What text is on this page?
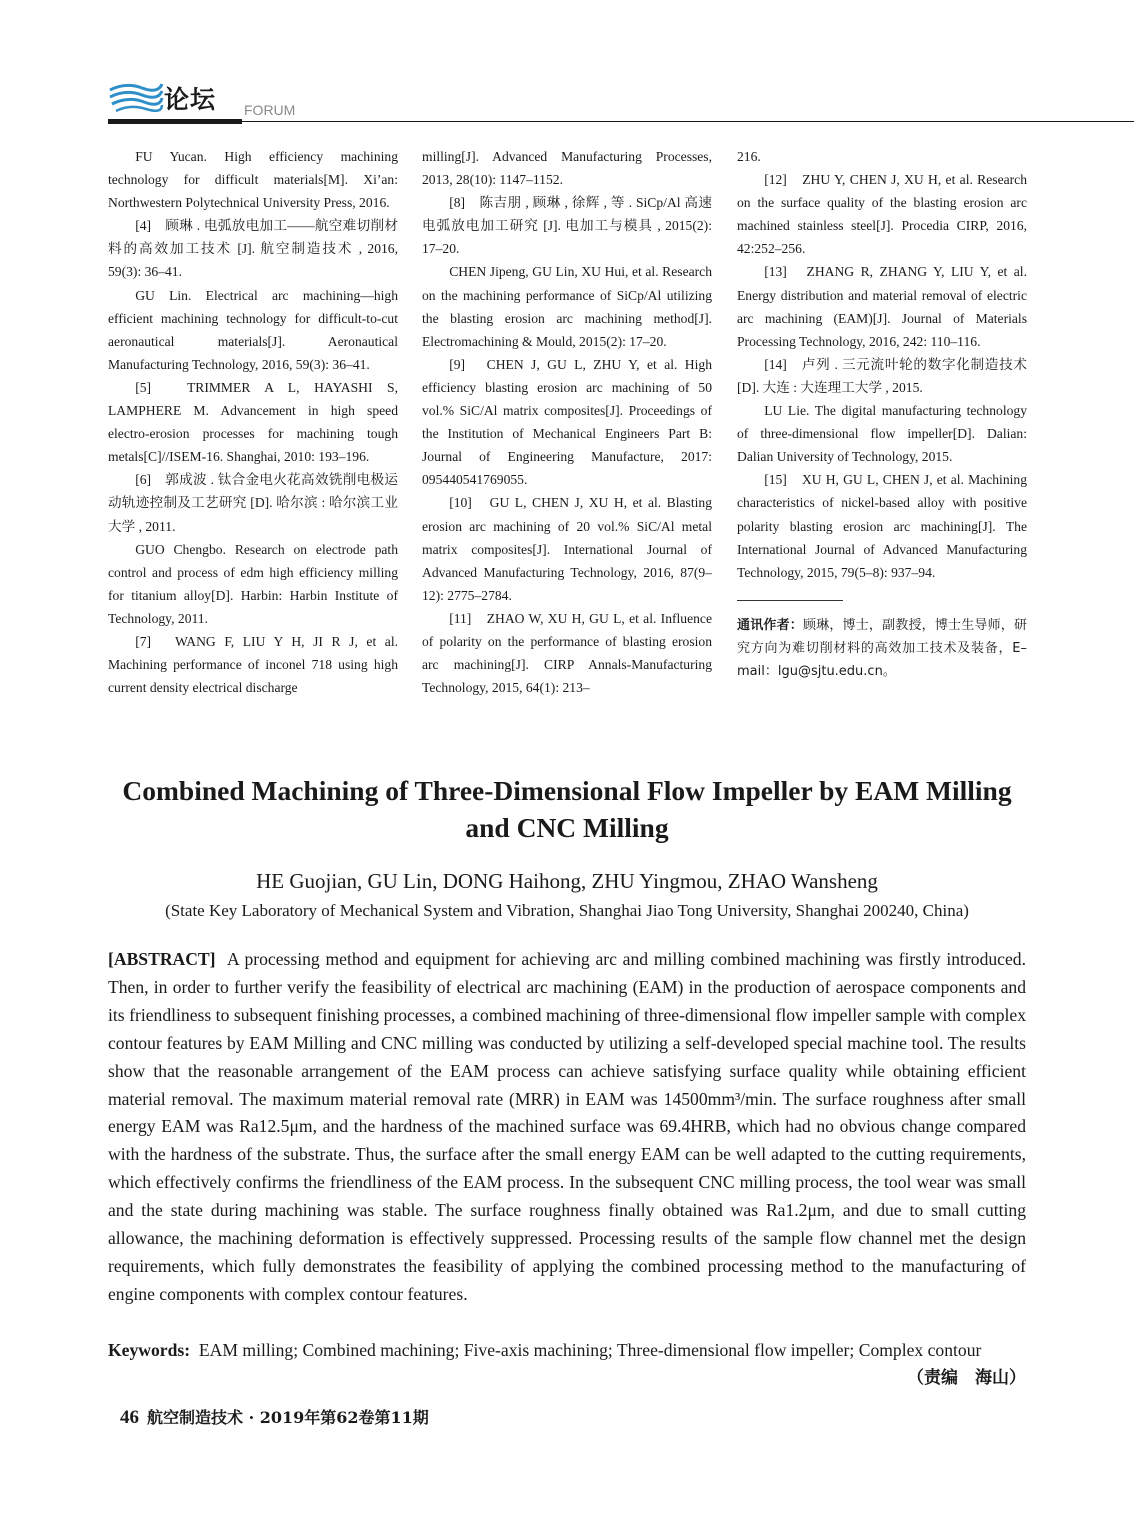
论坛 FORUM

FU Yucan. High efficiency machining technology for difficult materials[M]. Xi’an: Northwestern Polytechnical University Press, 2016.

[4]　顾琳 . 电弧放电加工——航空难切削材料的高效加工技术 [J]. 航空制造技术 , 2016, 59(3): 36–41.

GU Lin. Electrical arc machining—high efficient machining technology for difficult-to-cut aeronautical materials[J]. Aeronautical Manufacturing Technology, 2016, 59(3): 36–41.

[5]　TRIMMER A L, HAYASHI S, LAMPHERE M. Advancement in high speed electro-erosion processes for machining tough metals[C]//ISEM-16. Shanghai, 2010: 193–196.

[6]　郭成波 . 钛合金电火花高效铣削电极运动轨迹控制及工艺研究 [D]. 哈尔滨 : 哈尔滨工业大学 , 2011.

GUO Chengbo. Research on electrode path control and process of edm high efficiency milling for titanium alloy[D]. Harbin: Harbin Institute of Technology, 2011.

[7]　WANG F, LIU Y H, JI R J, et al. Machining performance of inconel 718 using high current density electrical discharge

milling[J]. Advanced Manufacturing Processes, 2013, 28(10): 1147–1152.

[8]　陈吉朋 , 顾琳 , 徐辉 , 等 . SiCp/Al 高速电弧放电加工研究 [J]. 电加工与模具 , 2015(2): 17–20.

CHEN Jipeng, GU Lin, XU Hui, et al. Research on the machining performance of SiCp/Al utilizing the blasting erosion arc machining method[J]. Electromachining & Mould, 2015(2): 17–20.

[9]　CHEN J, GU L, ZHU Y, et al. High efficiency blasting erosion arc machining of 50 vol.% SiC/Al matrix composites[J]. Proceedings of the Institution of Mechanical Engineers Part B: Journal of Engineering Manufacture, 2017: 095440541769055.

[10]　GU L, CHEN J, XU H, et al. Blasting erosion arc machining of 20 vol.% SiC/Al metal matrix composites[J]. International Journal of Advanced Manufacturing Technology, 2016, 87(9–12): 2775–2784.

[11]　ZHAO W, XU H, GU L, et al. Influence of polarity on the performance of blasting erosion arc machining[J]. CIRP Annals-Manufacturing Technology, 2015, 64(1): 213–

216.

[12]　ZHU Y, CHEN J, XU H, et al. Research on the surface quality of the blasting erosion arc machined stainless steel[J]. Procedia CIRP, 2016, 42:252–256.

[13]　ZHANG R, ZHANG Y, LIU Y, et al. Energy distribution and material removal of electric arc machining (EAM)[J]. Journal of Materials Processing Technology, 2016, 242: 110–116.

[14]　卢列 . 三元流叶轮的数字化制造技术 [D]. 大连 : 大连理工大学 , 2015.

LU Lie. The digital manufacturing technology of three-dimensional flow impeller[D]. Dalian: Dalian University of Technology, 2015.

[15]　XU H, GU L, CHEN J, et al. Machining characteristics of nickel-based alloy with positive polarity blasting erosion arc machining[J]. The International Journal of Advanced Manufacturing Technology, 2015, 79(5–8): 937–94.

通讯作者：顾琳，博士，副教授，博士生导师，研究方向为难切削材料的高效加工技术及装备，E–mail：lgu@sjtu.edu.cn。
Combined Machining of Three-Dimensional Flow Impeller by EAM Milling and CNC Milling
HE Guojian, GU Lin, DONG Haihong, ZHU Yingmou, ZHAO Wansheng
(State Key Laboratory of Mechanical System and Vibration, Shanghai Jiao Tong University, Shanghai 200240, China)

[ABSTRACT] A processing method and equipment for achieving arc and milling combined machining was firstly introduced. Then, in order to further verify the feasibility of electrical arc machining (EAM) in the production of aerospace components and its friendliness to subsequent finishing processes, a combined machining of three-dimensional flow impeller sample with complex contour features by EAM Milling and CNC milling was conducted by utilizing a self-developed special machine tool. The results show that the reasonable arrangement of the EAM process can achieve satisfying surface quality while obtaining efficient material removal. The maximum material removal rate (MRR) in EAM was 14500mm³/min. The surface roughness after small energy EAM was Ra12.5μm, and the hardness of the machined surface was 69.4HRB, which had no obvious change compared with the hardness of the substrate. Thus, the surface after the small energy EAM can be well adapted to the cutting requirements, which effectively confirms the friendliness of the EAM process. In the subsequent CNC milling process, the tool wear was small and the state during machining was stable. The surface roughness finally obtained was Ra1.2μm, and due to small cutting allowance, the machining deformation is effectively suppressed. Processing results of the sample flow channel met the design requirements, which fully demonstrates the feasibility of applying the combined processing method to the manufacturing of engine components with complex contour features.

Keywords: EAM milling; Combined machining; Five-axis machining; Three-dimensional flow impeller; Complex contour
（责编　海山）
46 航空制造技术 · 2019年第62卷第11期
